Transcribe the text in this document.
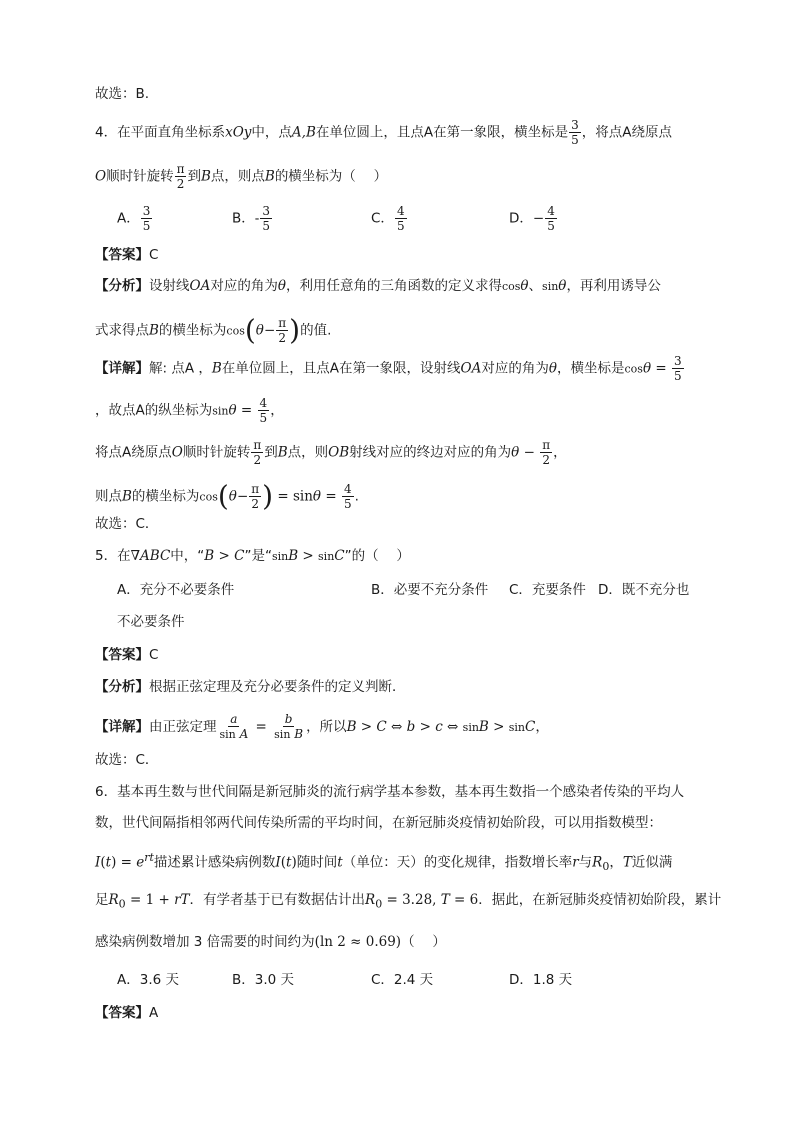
故选：B.
4．在平面直角坐标系xOy中，点A,B在单位圆上，且点A在第一象限，横坐标是 $\frac{3}{5}$ ，将点A绕原点
O顺时针旋转 $\frac{\pi}{2}$ 到B点，则点B的横坐标为（　 ）
A． $\frac{3}{5}$	B．- $\frac{3}{5}$	C． $\frac{4}{5}$	D．− $\frac{4}{5}$
【答案】C
【分析】设射线OA对应的角为θ，利用任意角的三角函数的定义求得cosθ、sinθ，再利用诱导公
式求得点B的横坐标为$\cos(\theta- \frac{\pi}{2}$ )的值.
【详解】解: 点A ，B在单位圆上，且点A在第一象限，设射线OA对应的角为θ，横坐标是$\cos\theta = \frac{3}{5}$
，故点A的纵坐标为$\sin\theta = \frac{4}{5}$ ，
将点A绕原点O顺时针旋转 $\frac{\pi}{2}$ 到B点，则OB射线对应的终边对应的角为$\theta - \frac{\pi}{2}$ ，
则点B的横坐标为$\cos(\theta- \frac{\pi}{2}$ ) = $\sin\theta = \frac{4}{5}$ .
故选：C．
5．在∇ABC中，“B > C”是“sinB > sinC”的（　 ）
A．充分不必要条件	B．必要不充分条件 C．充要条件 D．既不充分也
不必要条件
【答案】C
【分析】根据正弦定理及充分必要条件的定义判断．
【详解】由正弦定理 $\frac{a}{\text{sin A}} = \frac{b}{\text{sin B}}$ ，所以B > C ⇔ b > c ⇔ sinB > sinC，
故选：C．
6．基本再生数与世代间隔是新冠肺炎的流行病学基本参数，基本再生数指一个感染者传染的平均人
数，世代间隔指相邻两代间传染所需的平均时间，在新冠肺炎疫情初始阶段，可以用指数模型：
$I(t) = e^{rt}$描述累计感染病例数I(t)随时间t（单位：天）的变化规律，指数增长率r与$R_0$，T近似满
足$R_0 = 1$ + rT．有学者基于已有数据估计出$R_0 = 3.28$, T = 6．据此，在新冠肺炎疫情初始阶段，累计
感染病例数增加 3 倍需要的时间约为(ln 2 ≈ 0.69)（　 ）
A．3.6 天	B．3.0 天	C．2.4 天	D．1.8 天
【答案】A
